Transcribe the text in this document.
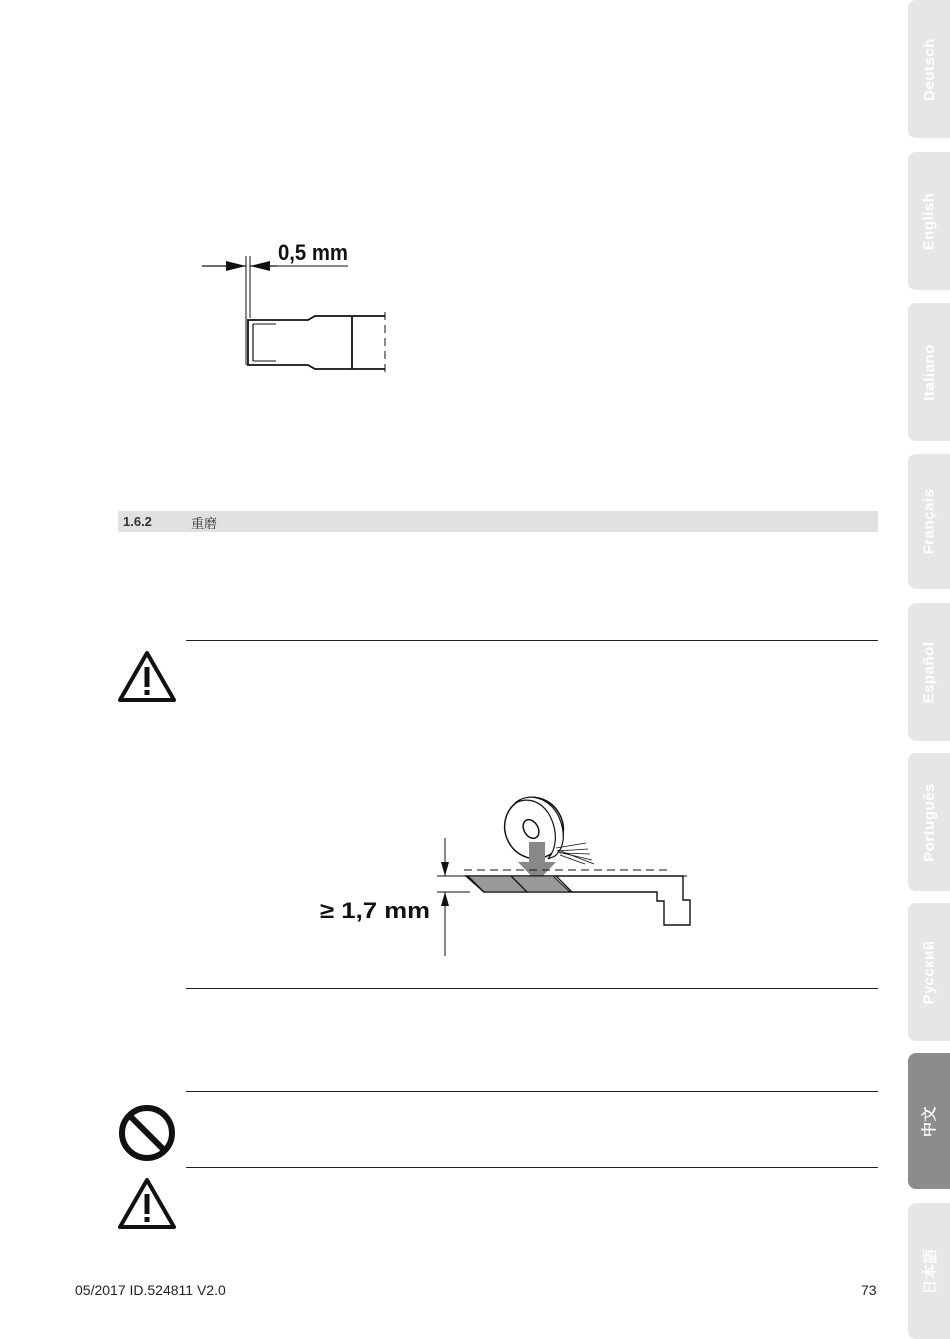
Deutsch
English
Italiano
Français
Español
Português
Русский
中文
日本語
0,5 mm
1.6.2	重磨
≥ 1,7 mm
05/2017 ID.524811 V2.0	73
